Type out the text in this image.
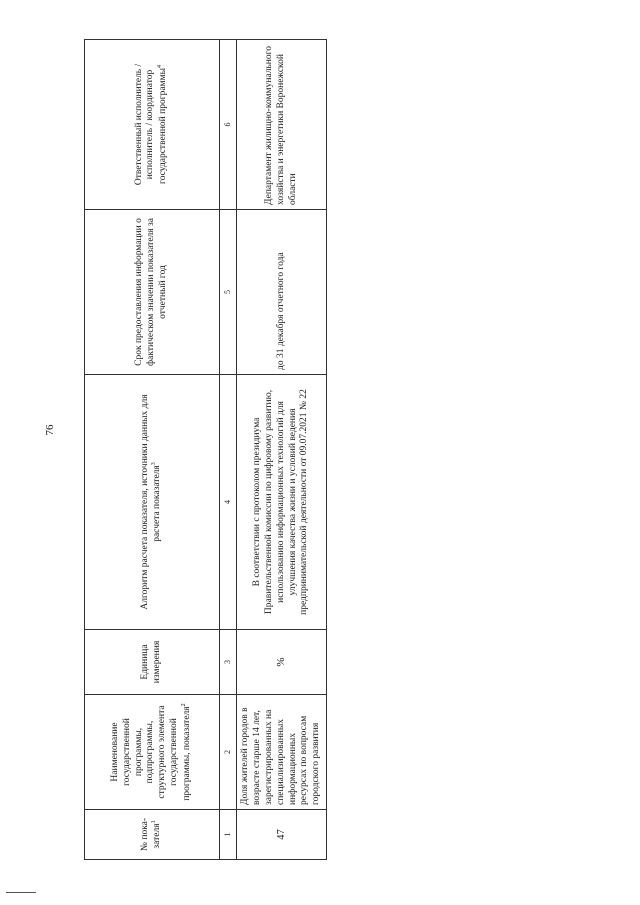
76
№ пока-зателя$^1$	Наименование государственной программы, подпрограммы, структурного элемента государственной программы, показателя$^2$	Единица измерения	Алгоритм расчета показателя, источники данных для расчета показателя$^3$	Срок предоставления информации о фактическом значении показателя за отчетный год	Ответственный исполнитель / исполнитель / координатор государственной программы$^4$
1	2	3	4	5	6
47	Доля жителей городов в возрасте старше 14 лет, зарегистрированных на специализированных информационных ресурсах по вопросам городского развития	%	В соответствии с протоколом президиума Правительственной комиссии по цифровому развитию, использованию информационных технологий для улучшения качества жизни и условий ведения предпринимательской деятельности от 09.07.2021 № 22	до 31 декабря отчетного года	Департамент жилищно-коммунального хозяйства и энергетики Воронежской области
